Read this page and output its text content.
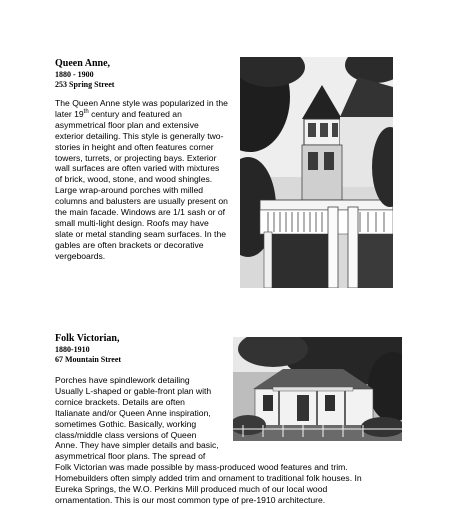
Queen Anne,
1880 - 1900
253 Spring Street
The Queen Anne style was popularized in the
later 19th century and featured an
asymmetrical floor plan and extensive
exterior detailing. This style is generally two-
stories in height and often features corner
towers, turrets, or projecting bays. Exterior
wall surfaces are often varied with mixtures
of brick, wood, stone, and wood shingles.
Large wrap-around porches with milled
columns and balusters are usually present on
the main facade. Windows are 1/1 sash or of
small multi-light design. Roofs may have
slate or metal standing seam surfaces. In the
gables are often brackets or decorative
vergeboards.
Folk Victorian,
1880-1910
67 Mountain Street
Porches have spindlework detailing
Usually L-shaped or gable-front plan with
cornice brackets. Details are often
Italianate and/or Queen Anne inspiration,
sometimes Gothic. Basically, working
class/middle class versions of Queen
Anne. They have simpler details and basic,
asymmetrical floor plans. The spread of
Folk Victorian was made possible by mass-produced wood features and trim.
Homebuilders often simply added trim and ornament to traditional folk houses. In
Eureka Springs, the W.O. Perkins Mill produced much of our local wood
ornamentation. This is our most common type of pre-1910 architecture.
